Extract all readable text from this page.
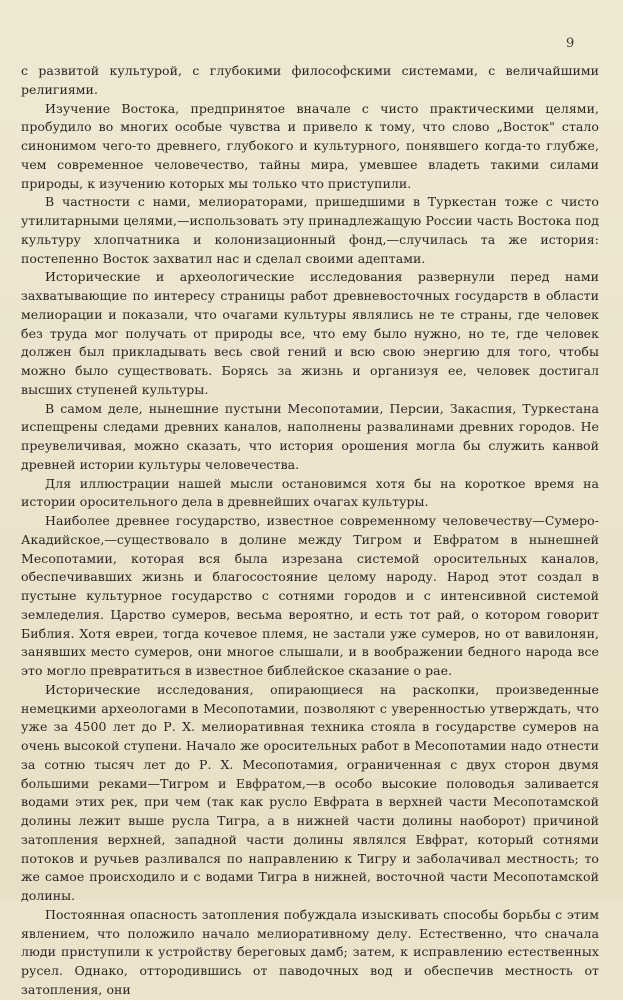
9

с развитой культурой, с глубокими философскими системами, с величайшими религиями.

Изучение Востока, предпринятое вначале с чисто практическими целями, пробудило во многих особые чувства и привело к тому, что слово „Восток" стало синонимом чего-то древнего, глубокого и культурного, понявшего когда-то глубже, чем современное человечество, тайны мира, умевшее владеть такими силами природы, к изучению которых мы только что приступили.

В частности с нами, мелиораторами, пришедшими в Туркестан тоже с чисто утилитарными целями,—использовать эту принадлежащую России часть Востока под культуру хлопчатника и колонизационный фонд,—случилась та же история: постепенно Восток захватил нас и сделал своими адептами.

Исторические и археологические исследования развернули перед нами захватывающие по интересу страницы работ древневосточных государств в области мелиорации и показали, что очагами культуры являлись не те страны, где человек без труда мог получать от природы все, что ему было нужно, но те, где человек должен был прикладывать весь свой гений и всю свою энергию для того, чтобы можно было существовать. Борясь за жизнь и организуя ее, человек достигал высших ступеней культуры.

В самом деле, нынешние пустыни Месопотамии, Персии, Закаспия, Туркестана испещрены следами древних каналов, наполнены развалинами древних городов. Не преувеличивая, можно сказать, что история орошения могла бы служить канвой древней истории культуры человечества.

Для иллюстрации нашей мысли остановимся хотя бы на короткое время на истории оросительного дела в древнейших очагах культуры.

Наиболее древнее государство, известное современному человечеству—Сумеро-Акадийское,—существовало в долине между Тигром и Евфратом в нынешней Месопотамии, которая вся была изрезана системой оросительных каналов, обеспечивавших жизнь и благосостояние целому народу. Народ этот создал в пустыне культурное государство с сотнями городов и с интенсивной системой земледелия. Царство сумеров, весьма вероятно, и есть тот рай, о котором говорит Библия. Хотя евреи, тогда кочевое племя, не застали уже сумеров, но от вавилонян, занявших место сумеров, они многое слышали, и в воображении бедного народа все это могло превратиться в известное библейское сказание о рае.

Исторические исследования, опирающиеся на раскопки, произведенные немецкими археологами в Месопотамии, позволяют с уверенностью утверждать, что уже за 4500 лет до Р. Х. мелиоративная техника стояла в государстве сумеров на очень высокой ступени. Начало же оросительных работ в Месопотамии надо отнести за сотню тысяч лет до Р. Х. Месопотамия, ограниченная с двух сторон двумя большими реками—Тигром и Евфратом,—в особо высокие половодья заливается водами этих рек, при чем (так как русло Евфрата в верхней части Месопотамской долины лежит выше русла Тигра, а в нижней части долины наоборот) причиной затопления верхней, западной части долины являлся Евфрат, который сотнями потоков и ручьев разливался по направлению к Тигру и заболачивал местность; то же самое происходило и с водами Тигра в нижней, восточной части Месопотамской долины.

Постоянная опасность затопления побуждала изыскивать способы борьбы с этим явлением, что положило начало мелиоративному делу. Естественно, что сначала люди приступили к устройству береговых дамб; затем, к исправлению естественных русел. Однако, оттородившись от паводочных вод и обеспечив местность от затопления, они
